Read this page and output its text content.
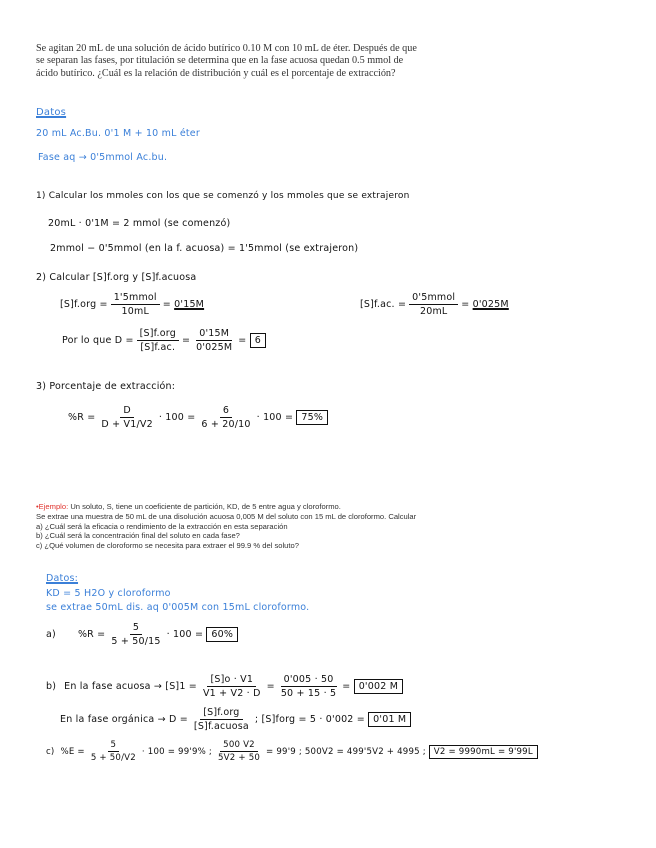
Se agitan 20 mL de una solución de ácido butírico 0.10 M con 10 mL de éter. Después de que

se separan las fases, por titulación se determina que en la fase acuosa quedan 0.5 mmol de

ácido butírico. ¿Cuál es la relación de distribución y cuál es el porcentaje de extracción?

Datos
20 mL Ac.Bu. 0'1 M + 10 mL éter
Fase aq → 0'5mmol Ac.bu.
1) Calcular los mmoles con los que se comenzó y los mmoles que se extrajeron
20mL · 0'1M = 2 mmol (se comenzó)
2mmol − 0'5mmol (en la f. acuosa) = 1'5mmol (se extrajeron)
2) Calcular [S]f.org y [S]f.acuosa
$[S]f.org = \frac{\text{1'5mmol}}{10mL} = 0'15M$	[S]f.ac. = $\frac{\text{0'5mmol}}{20mL} = 0'025M$
Por lo que $D = \frac{\text{[S]f.org}}{[S]f.ac.} = \frac{0'15M}{0'025M} = 6$
3) Porcentaje de extracción:
$\%R = \frac{D}{D + V1/V2} \cdot 100 = \frac{6}{6 + 20/10} \cdot 100$ =
75%

•Ejemplo: Un soluto, S, tiene un coeficiente de partición, KD, de 5 entre agua y cloroformo.

Se extrae una muestra de 50 mL de una disolución acuosa 0,005 M del soluto con 15 mL de cloroformo. Calcular

a) ¿Cuál será la eficacia o rendimiento de la extracción en esta separación

b) ¿Cuál será la concentración final del soluto en cada fase?

c) ¿Qué volumen de cloroformo se necesita para extraer el 99.9 % del soluto?

Datos:
KD = 5 H2O y cloroformo
se extrae 50mL dis. aq 0'005M con 15mL cloroformo.
a) $\%R = \frac{5}{5 + 50/15} \cdot 100$ =
60%
b) En la fase acuosa → $[S]1 = \frac{[S]o \cdot V1}{V1 + V2 \cdot D} = \frac{0'005 \cdot 50}{50 + 15 \cdot 5} = 0'002$ M
En la fase orgánica → $D = \frac{\text{[S]f.org}}{\text{[S]f.acuosa}}$ ; [S]forg = 5 · 0'002 =
0'01 M
c) $\%E = \frac{5}{5 + 50/V2} \cdot 100 = 99'9\%$ ; $\frac{500 V2}{5V2 + 50} = 99'9$ ; 500V2 = 499'5V2 + 4995 ;
V2 = 9990mL = 9'99L
